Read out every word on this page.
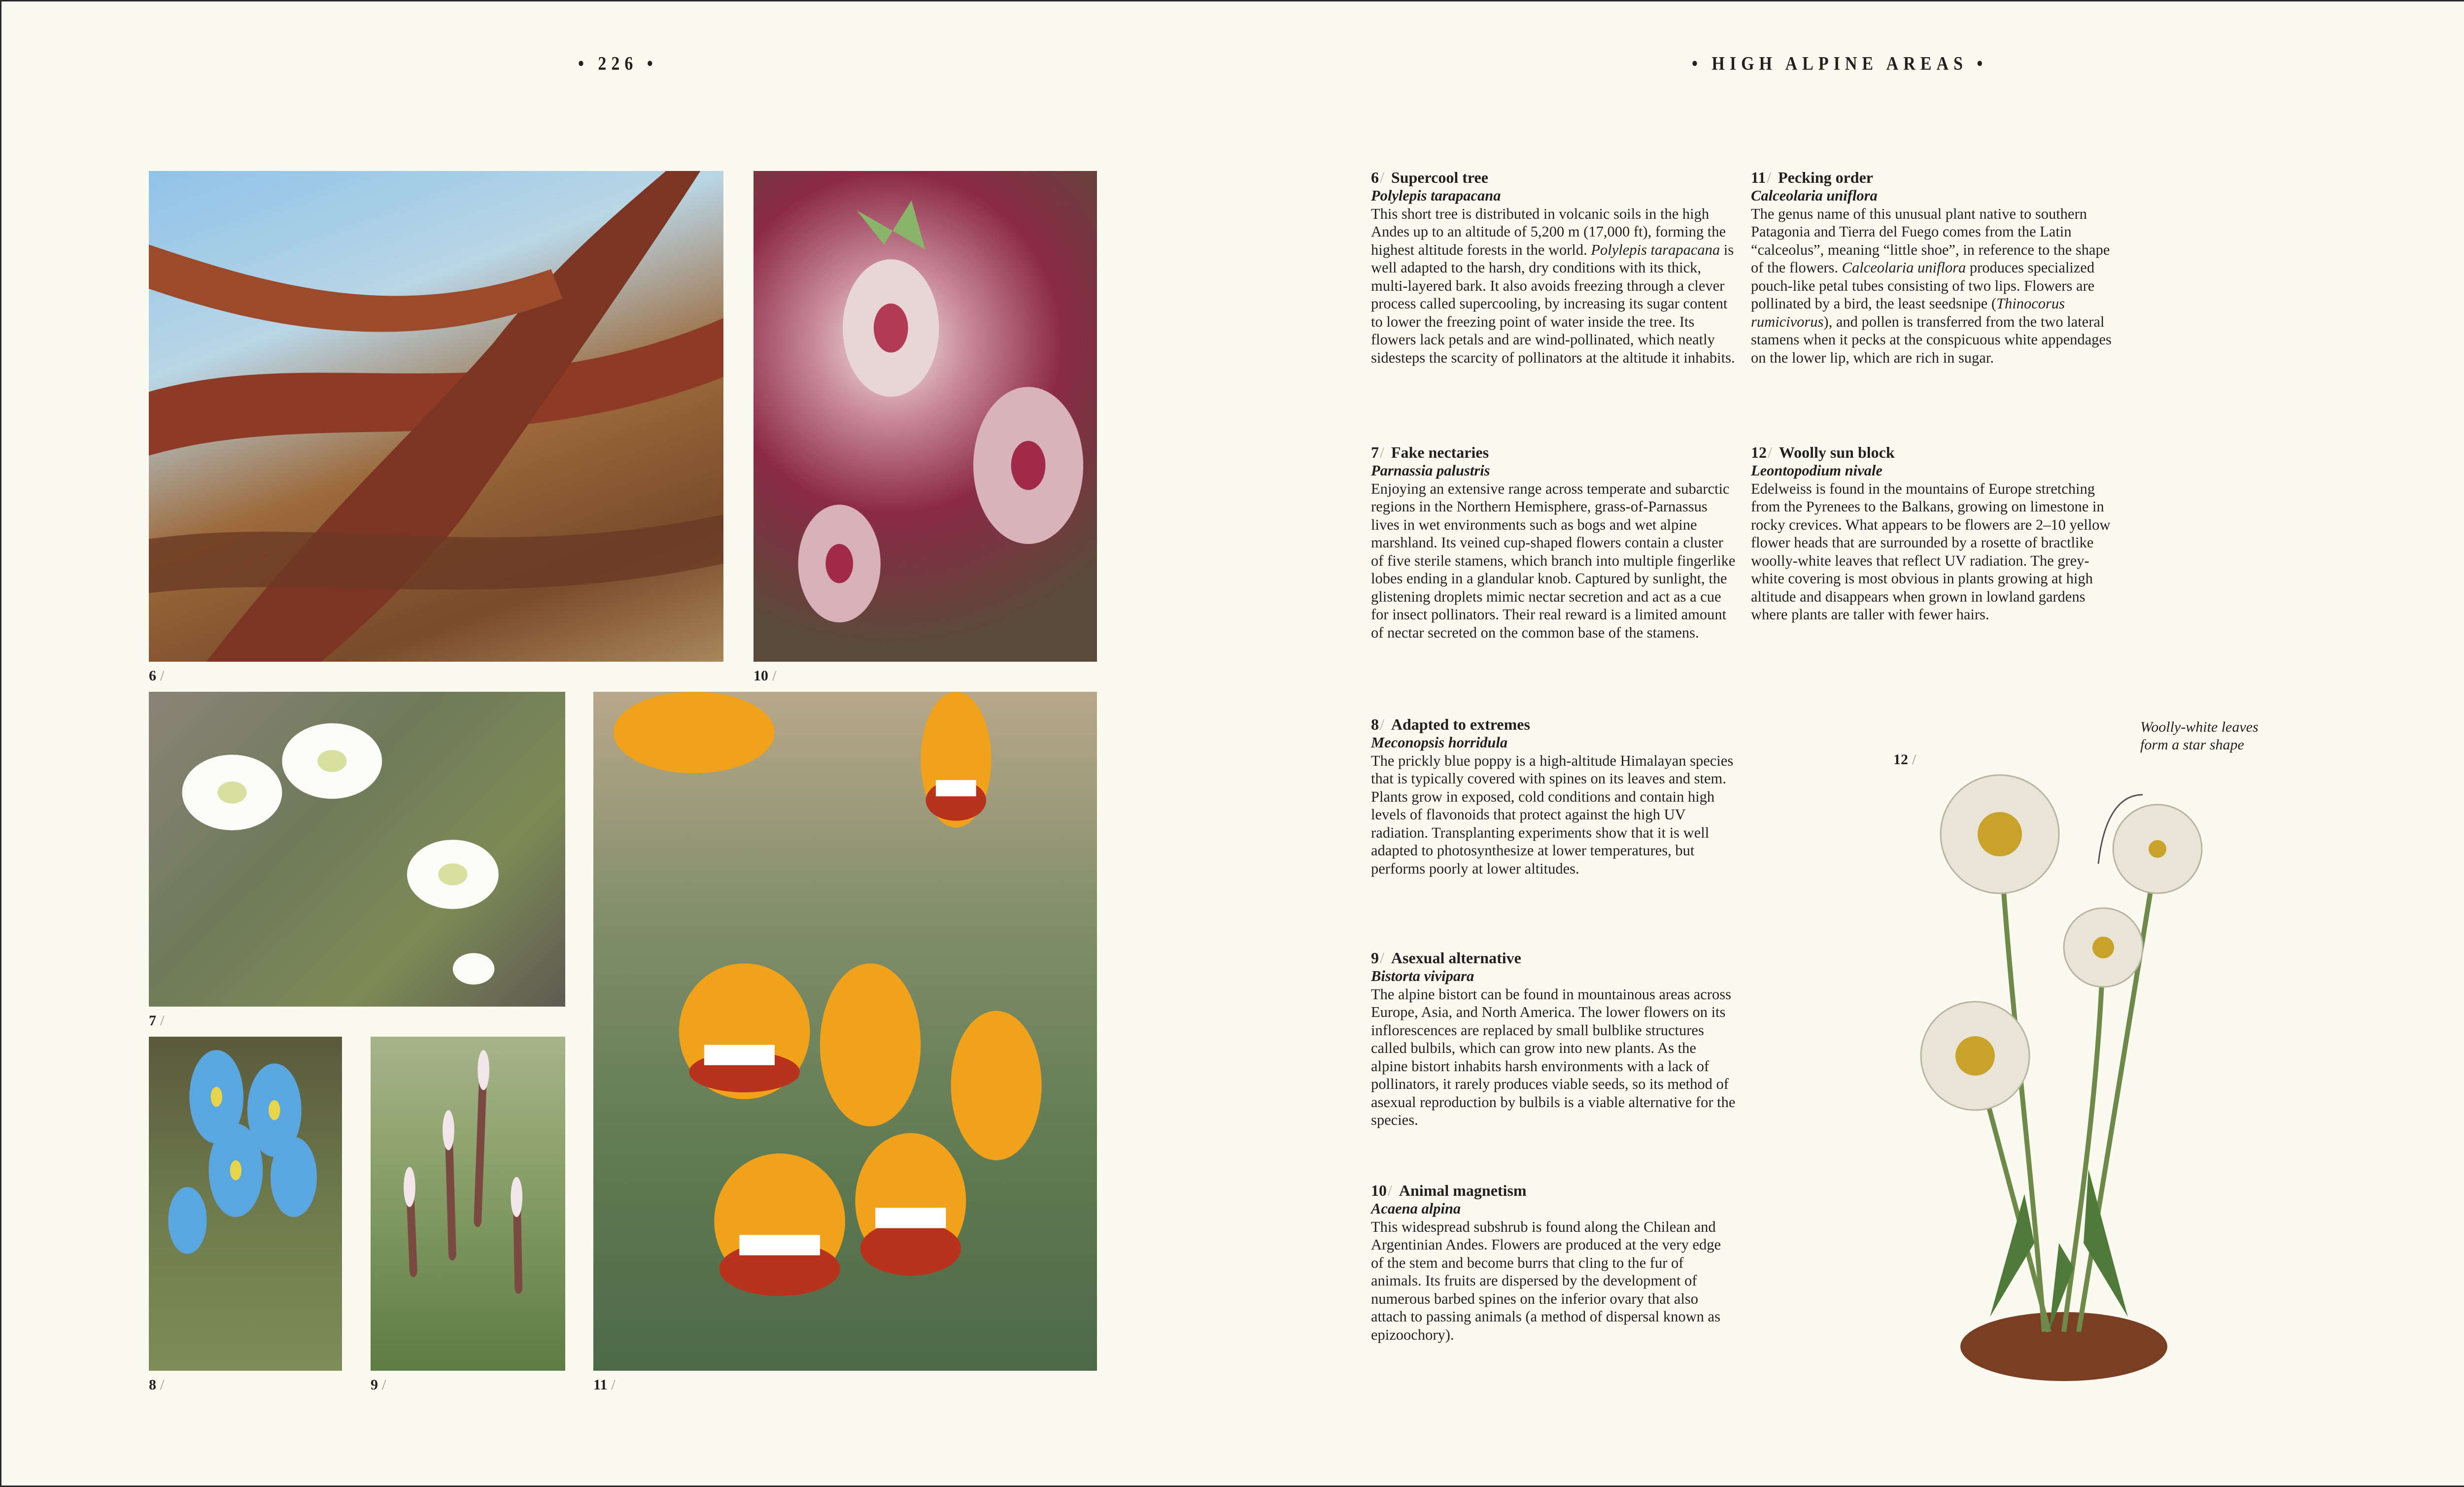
• 226 •	• HIGH ALPINE AREAS •
6 /	10 /
7 /
11 /
8 /	9 /
6/ Supercool tree
Polylepis tarapacana

This short tree is distributed in volcanic soils in the high Andes up to an altitude of 5,200 m (17,000 ft), forming the highest altitude forests in the world. Polylepis tarapacana is well adapted to the harsh, dry conditions with its thick, multi-layered bark. It also avoids freezing through a clever process called supercooling, by increasing its sugar content to lower the freezing point of water inside the tree. Its flowers lack petals and are wind-pollinated, which neatly sidesteps the scarcity of pollinators at the altitude it inhabits.

7/ Fake nectaries
Parnassia palustris

Enjoying an extensive range across temperate and subarctic regions in the Northern Hemisphere, grass-of-Parnassus lives in wet environments such as bogs and wet alpine marshland. Its veined cup-shaped flowers contain a cluster of five sterile stamens, which branch into multiple fingerlike lobes ending in a glandular knob. Captured by sunlight, the glistening droplets mimic nectar secretion and act as a cue for insect pollinators. Their real reward is a limited amount of nectar secreted on the common base of the stamens.

8/ Adapted to extremes
Meconopsis horridula

The prickly blue poppy is a high-altitude Himalayan species that is typically covered with spines on its leaves and stem. Plants grow in exposed, cold conditions and contain high levels of flavonoids that protect against the high UV radiation. Transplanting experiments show that it is well adapted to photosynthesize at lower temperatures, but performs poorly at lower altitudes.

9/ Asexual alternative
Bistorta vivipara

The alpine bistort can be found in mountainous areas across Europe, Asia, and North America. The lower flowers on its inflorescences are replaced by small bulblike structures called bulbils, which can grow into new plants. As the alpine bistort inhabits harsh environments with a lack of pollinators, it rarely produces viable seeds, so its method of asexual reproduction by bulbils is a viable alternative for the species.

10/ Animal magnetism
Acaena alpina

This widespread subshrub is found along the Chilean and Argentinian Andes. Flowers are produced at the very edge of the stem and become burrs that cling to the fur of animals. Its fruits are dispersed by the development of numerous barbed spines on the inferior ovary that also attach to passing animals (a method of dispersal known as epizoochory).

11/ Pecking order
Calceolaria uniflora

The genus name of this unusual plant native to southern Patagonia and Tierra del Fuego comes from the Latin “calceolus”, meaning “little shoe”, in reference to the shape of the flowers. Calceolaria uniflora produces specialized pouch-like petal tubes consisting of two lips. Flowers are pollinated by a bird, the least seedsnipe (Thinocorus rumicivorus), and pollen is transferred from the two lateral stamens when it pecks at the conspicuous white appendages on the lower lip, which are rich in sugar.

12/ Woolly sun block
Leontopodium nivale

Edelweiss is found in the mountains of Europe stretching from the Pyrenees to the Balkans, growing on limestone in rocky crevices. What appears to be flowers are 2–10 yellow flower heads that are surrounded by a rosette of bractlike woolly-white leaves that reflect UV radiation. The grey-white covering is most obvious in plants growing at high altitude and disappears when grown in lowland gardens where plants are taller with fewer hairs.

12 /
Woolly-white leaves form a star shape
